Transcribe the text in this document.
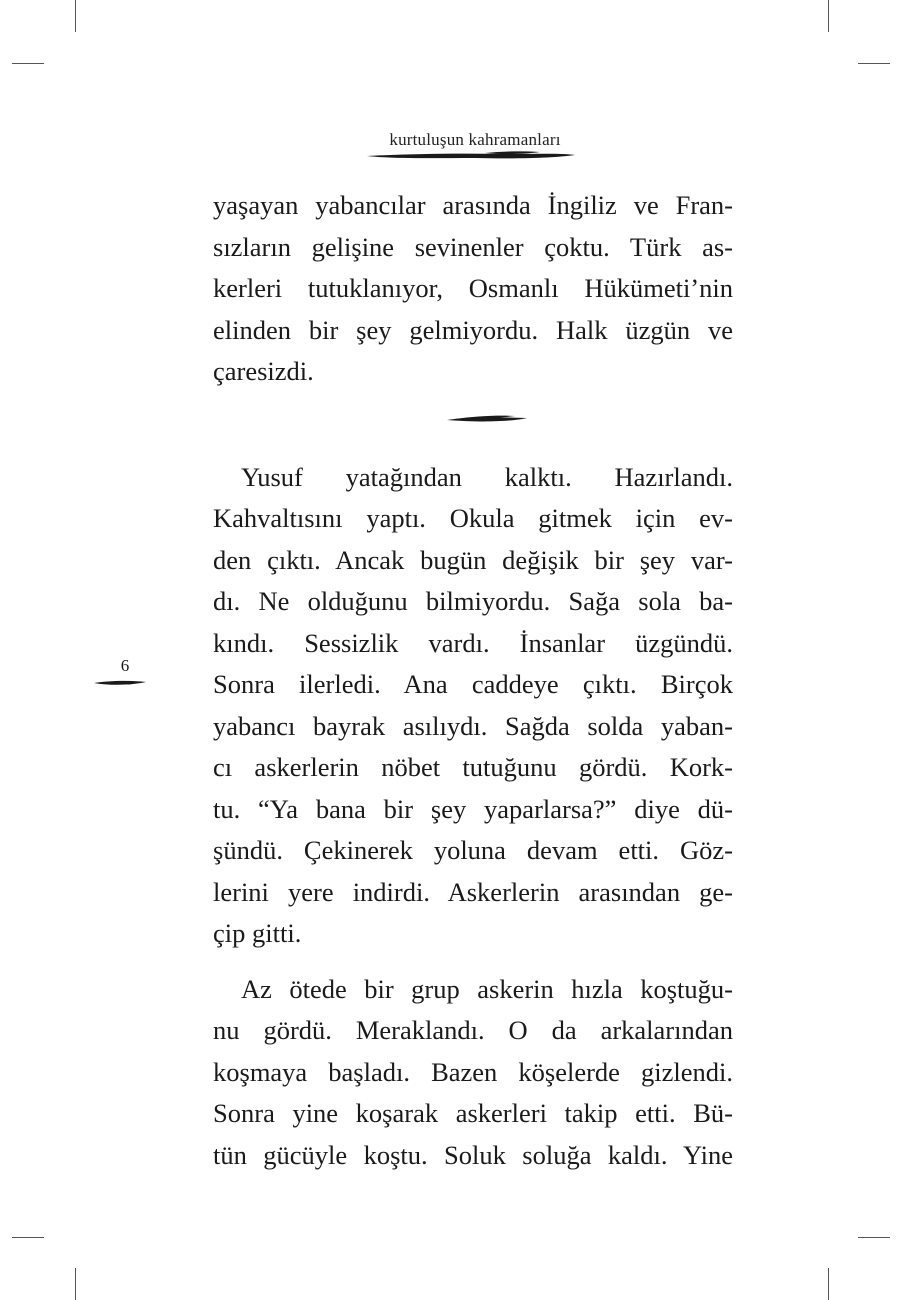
kurtuluşun kahramanları
yaşayan yabancılar arasında İngiliz ve Fran-
sızların gelişine sevinenler çoktu. Türk as-
kerleri tutuklanıyor, Osmanlı Hükümeti’nin
elinden bir şey gelmiyordu. Halk üzgün ve
çaresizdi.
Yusuf yatağından kalktı. Hazırlandı.
Kahvaltısını yaptı. Okula gitmek için ev-
den çıktı. Ancak bugün değişik bir şey var-
dı. Ne olduğunu bilmiyordu. Sağa sola ba-
kındı. Sessizlik vardı. İnsanlar üzgündü.
Sonra ilerledi. Ana caddeye çıktı. Birçok
yabancı bayrak asılıydı. Sağda solda yaban-
cı askerlerin nöbet tutuğunu gördü. Kork-
tu. “Ya bana bir şey yaparlarsa?” diye dü-
şündü. Çekinerek yoluna devam etti. Göz-
lerini yere indirdi. Askerlerin arasından ge-
çip gitti.
Az ötede bir grup askerin hızla koştuğu-
nu gördü. Meraklandı. O da arkalarından
koşmaya başladı. Bazen köşelerde gizlendi.
Sonra yine koşarak askerleri takip etti. Bü-
tün gücüyle koştu. Soluk soluğa kaldı. Yine
6
